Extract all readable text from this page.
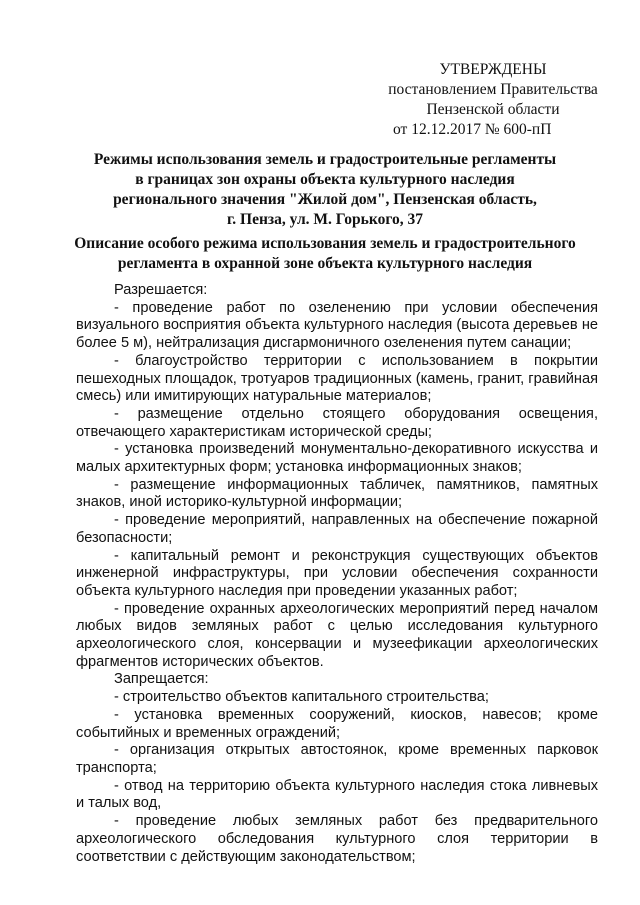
УТВЕРЖДЕНЫ
постановлением Правительства
Пензенской области
от 12.12.2017 № 600-пП
Режимы использования земель и градостроительные регламенты
в границах зон охраны объекта культурного наследия
регионального значения "Жилой дом", Пензенская область,
г. Пенза, ул. М. Горького, 37
Описание особого режима использования земель и градостроительного
регламента в охранной зоне объекта культурного наследия
Разрешается:
- проведение работ по озеленению при условии обеспечения визуального восприятия объекта культурного наследия (высота деревьев не более 5 м), нейтрализация дисгармоничного озеленения путем санации;
- благоустройство территории с использованием в покрытии пешеходных площадок, тротуаров традиционных (камень, гранит, гравийная смесь) или имитирующих натуральные материалов;
- размещение отдельно стоящего оборудования освещения, отвечающего характеристикам исторической среды;
- установка произведений монументально-декоративного искусства и малых архитектурных форм; установка информационных знаков;
- размещение информационных табличек, памятников, памятных знаков, иной историко-культурной информации;
- проведение мероприятий, направленных на обеспечение пожарной безопасности;
- капитальный ремонт и реконструкция существующих объектов инженерной инфраструктуры, при условии обеспечения сохранности объекта культурного наследия при проведении указанных работ;
- проведение охранных археологических мероприятий перед началом любых видов земляных работ с целью исследования культурного археологического слоя, консервации и музеефикации археологических фрагментов исторических объектов.
Запрещается:
- строительство объектов капитального строительства;
- установка временных сооружений, киосков, навесов; кроме событийных и временных ограждений;
- организация открытых автостоянок, кроме временных парковок транспорта;
- отвод на территорию объекта культурного наследия стока ливневых и талых вод,
- проведение любых земляных работ без предварительного археологического обследования культурного слоя территории в соответствии с действующим законодательством;
